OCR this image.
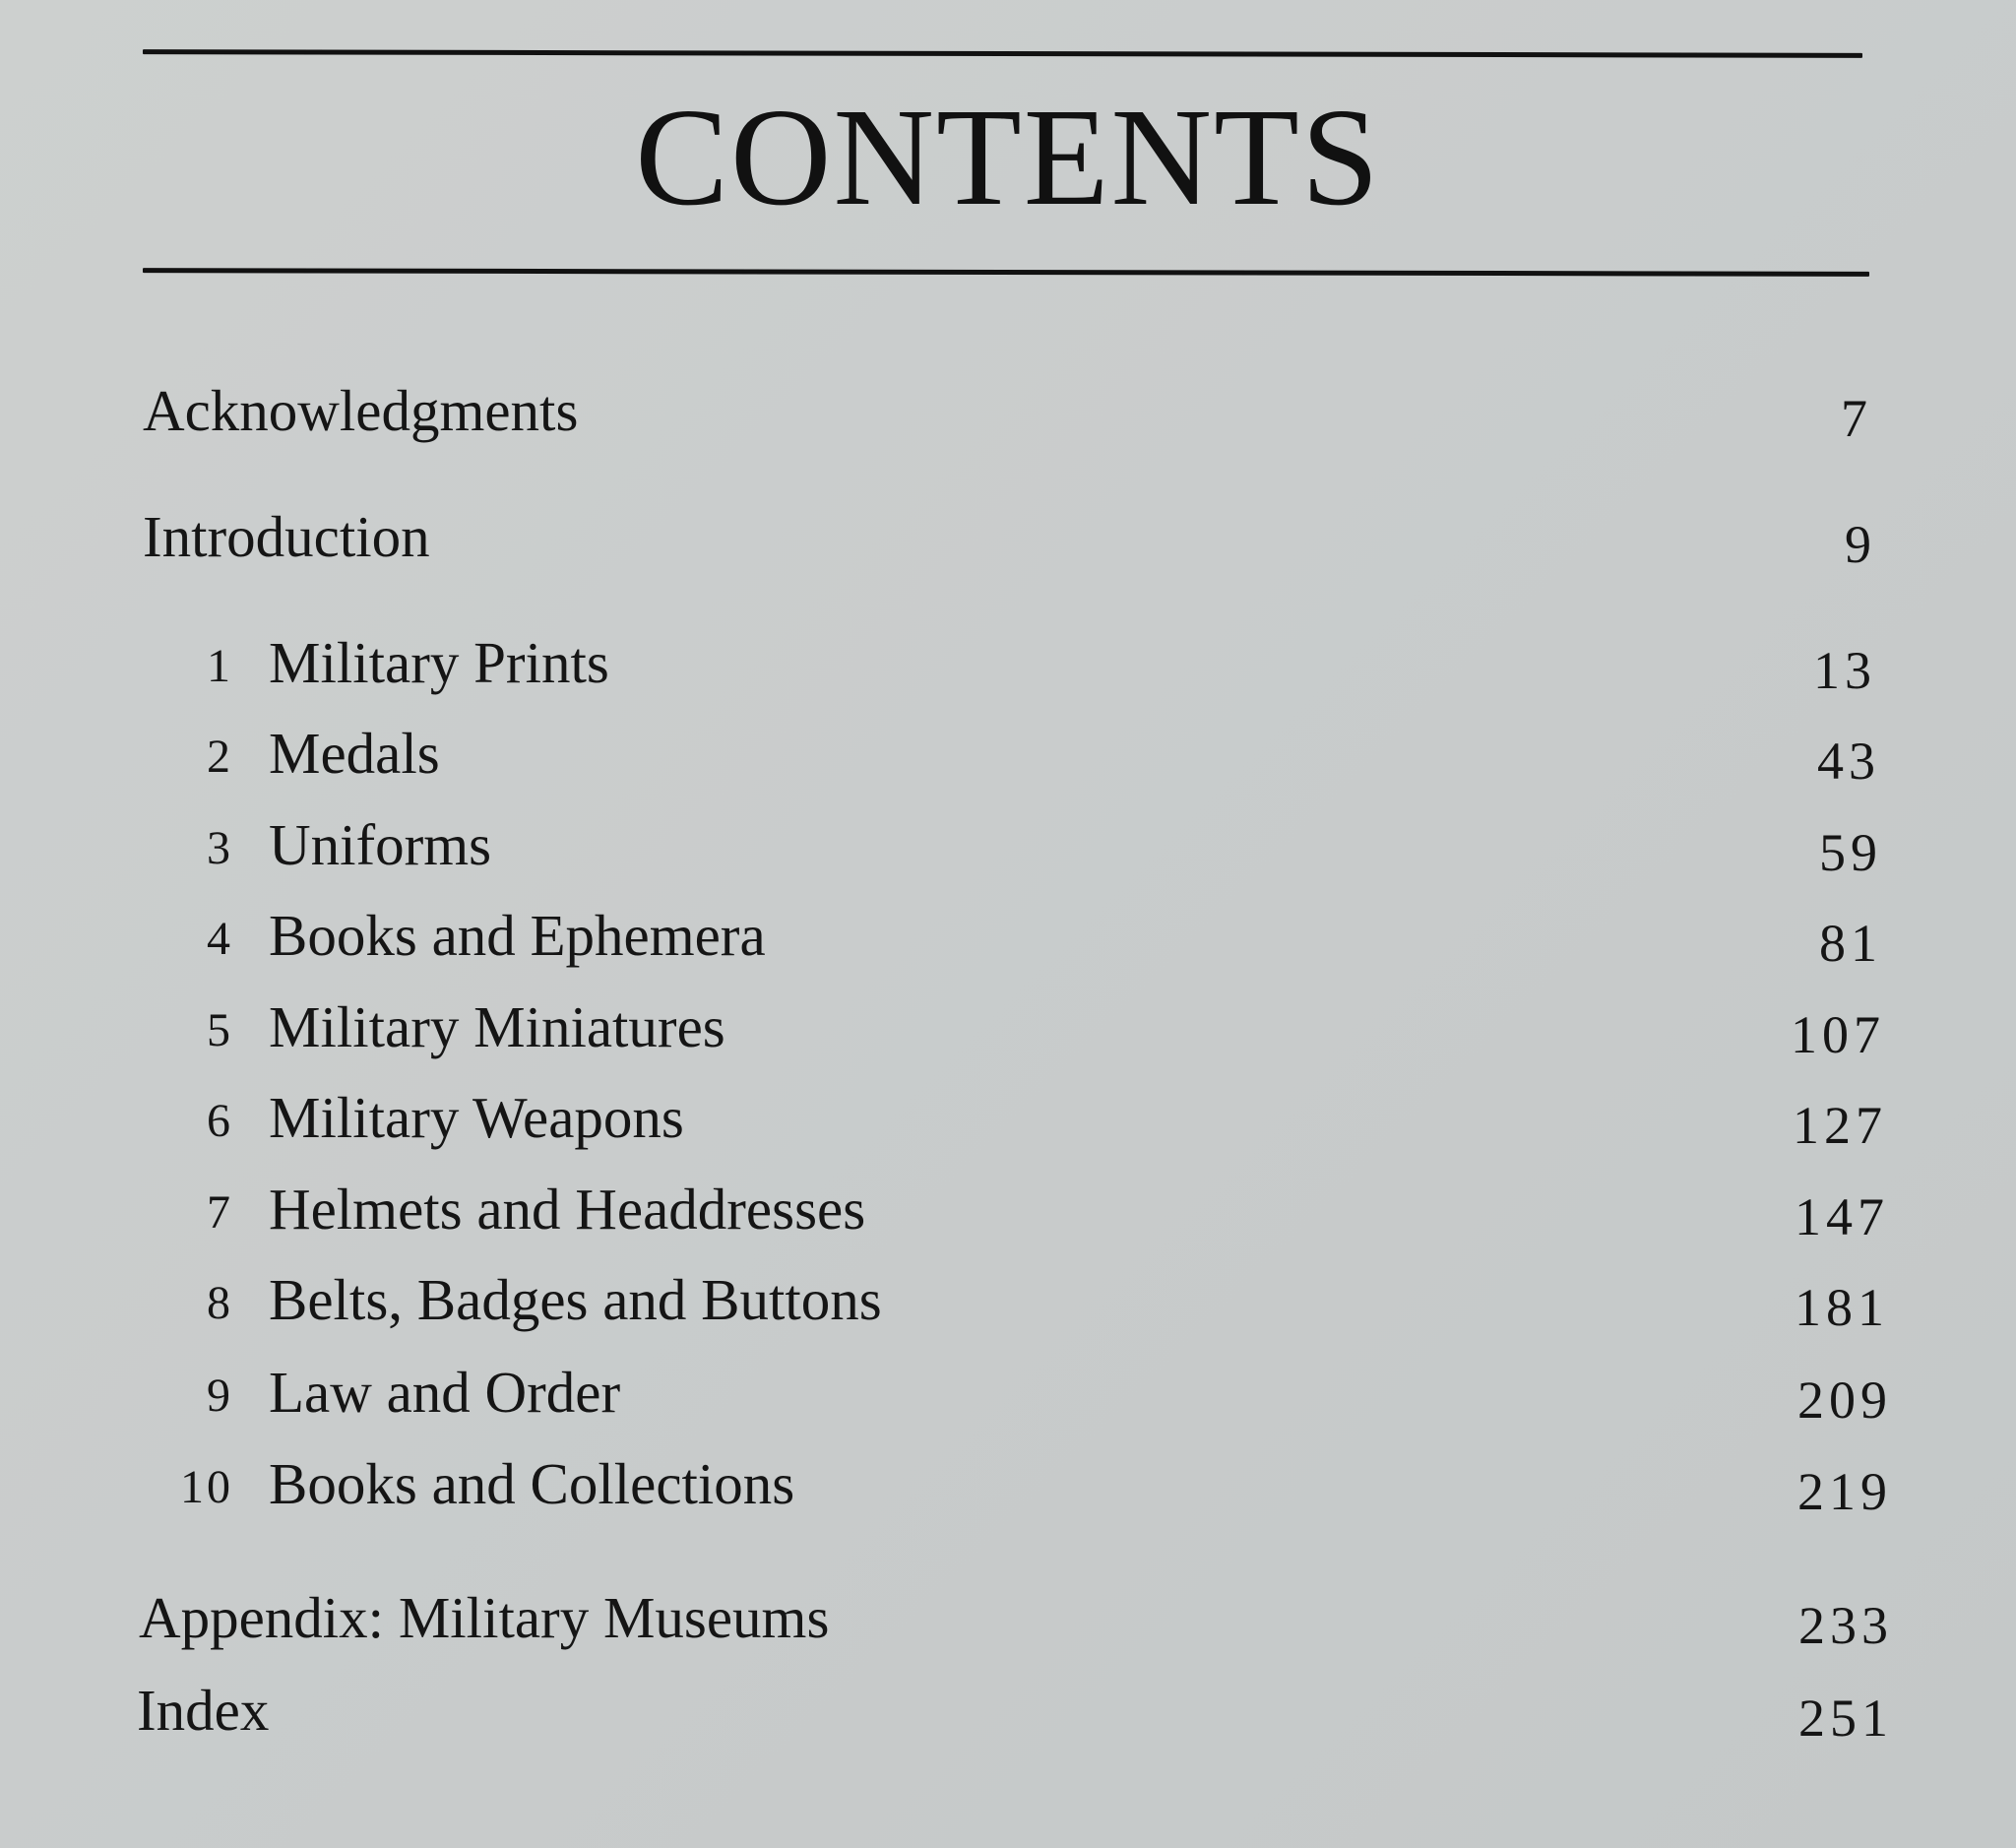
CONTENTS
Acknowledgments	7
Introduction	9
1 Military Prints	13
2 Medals	43
3 Uniforms	59
4 Books and Ephemera	81
5 Military Miniatures	107
6 Military Weapons	127
7 Helmets and Headdresses	147
8 Belts, Badges and Buttons	181
9 Law and Order	209
10 Books and Collections	219
Appendix: Military Museums	233
Index	251
